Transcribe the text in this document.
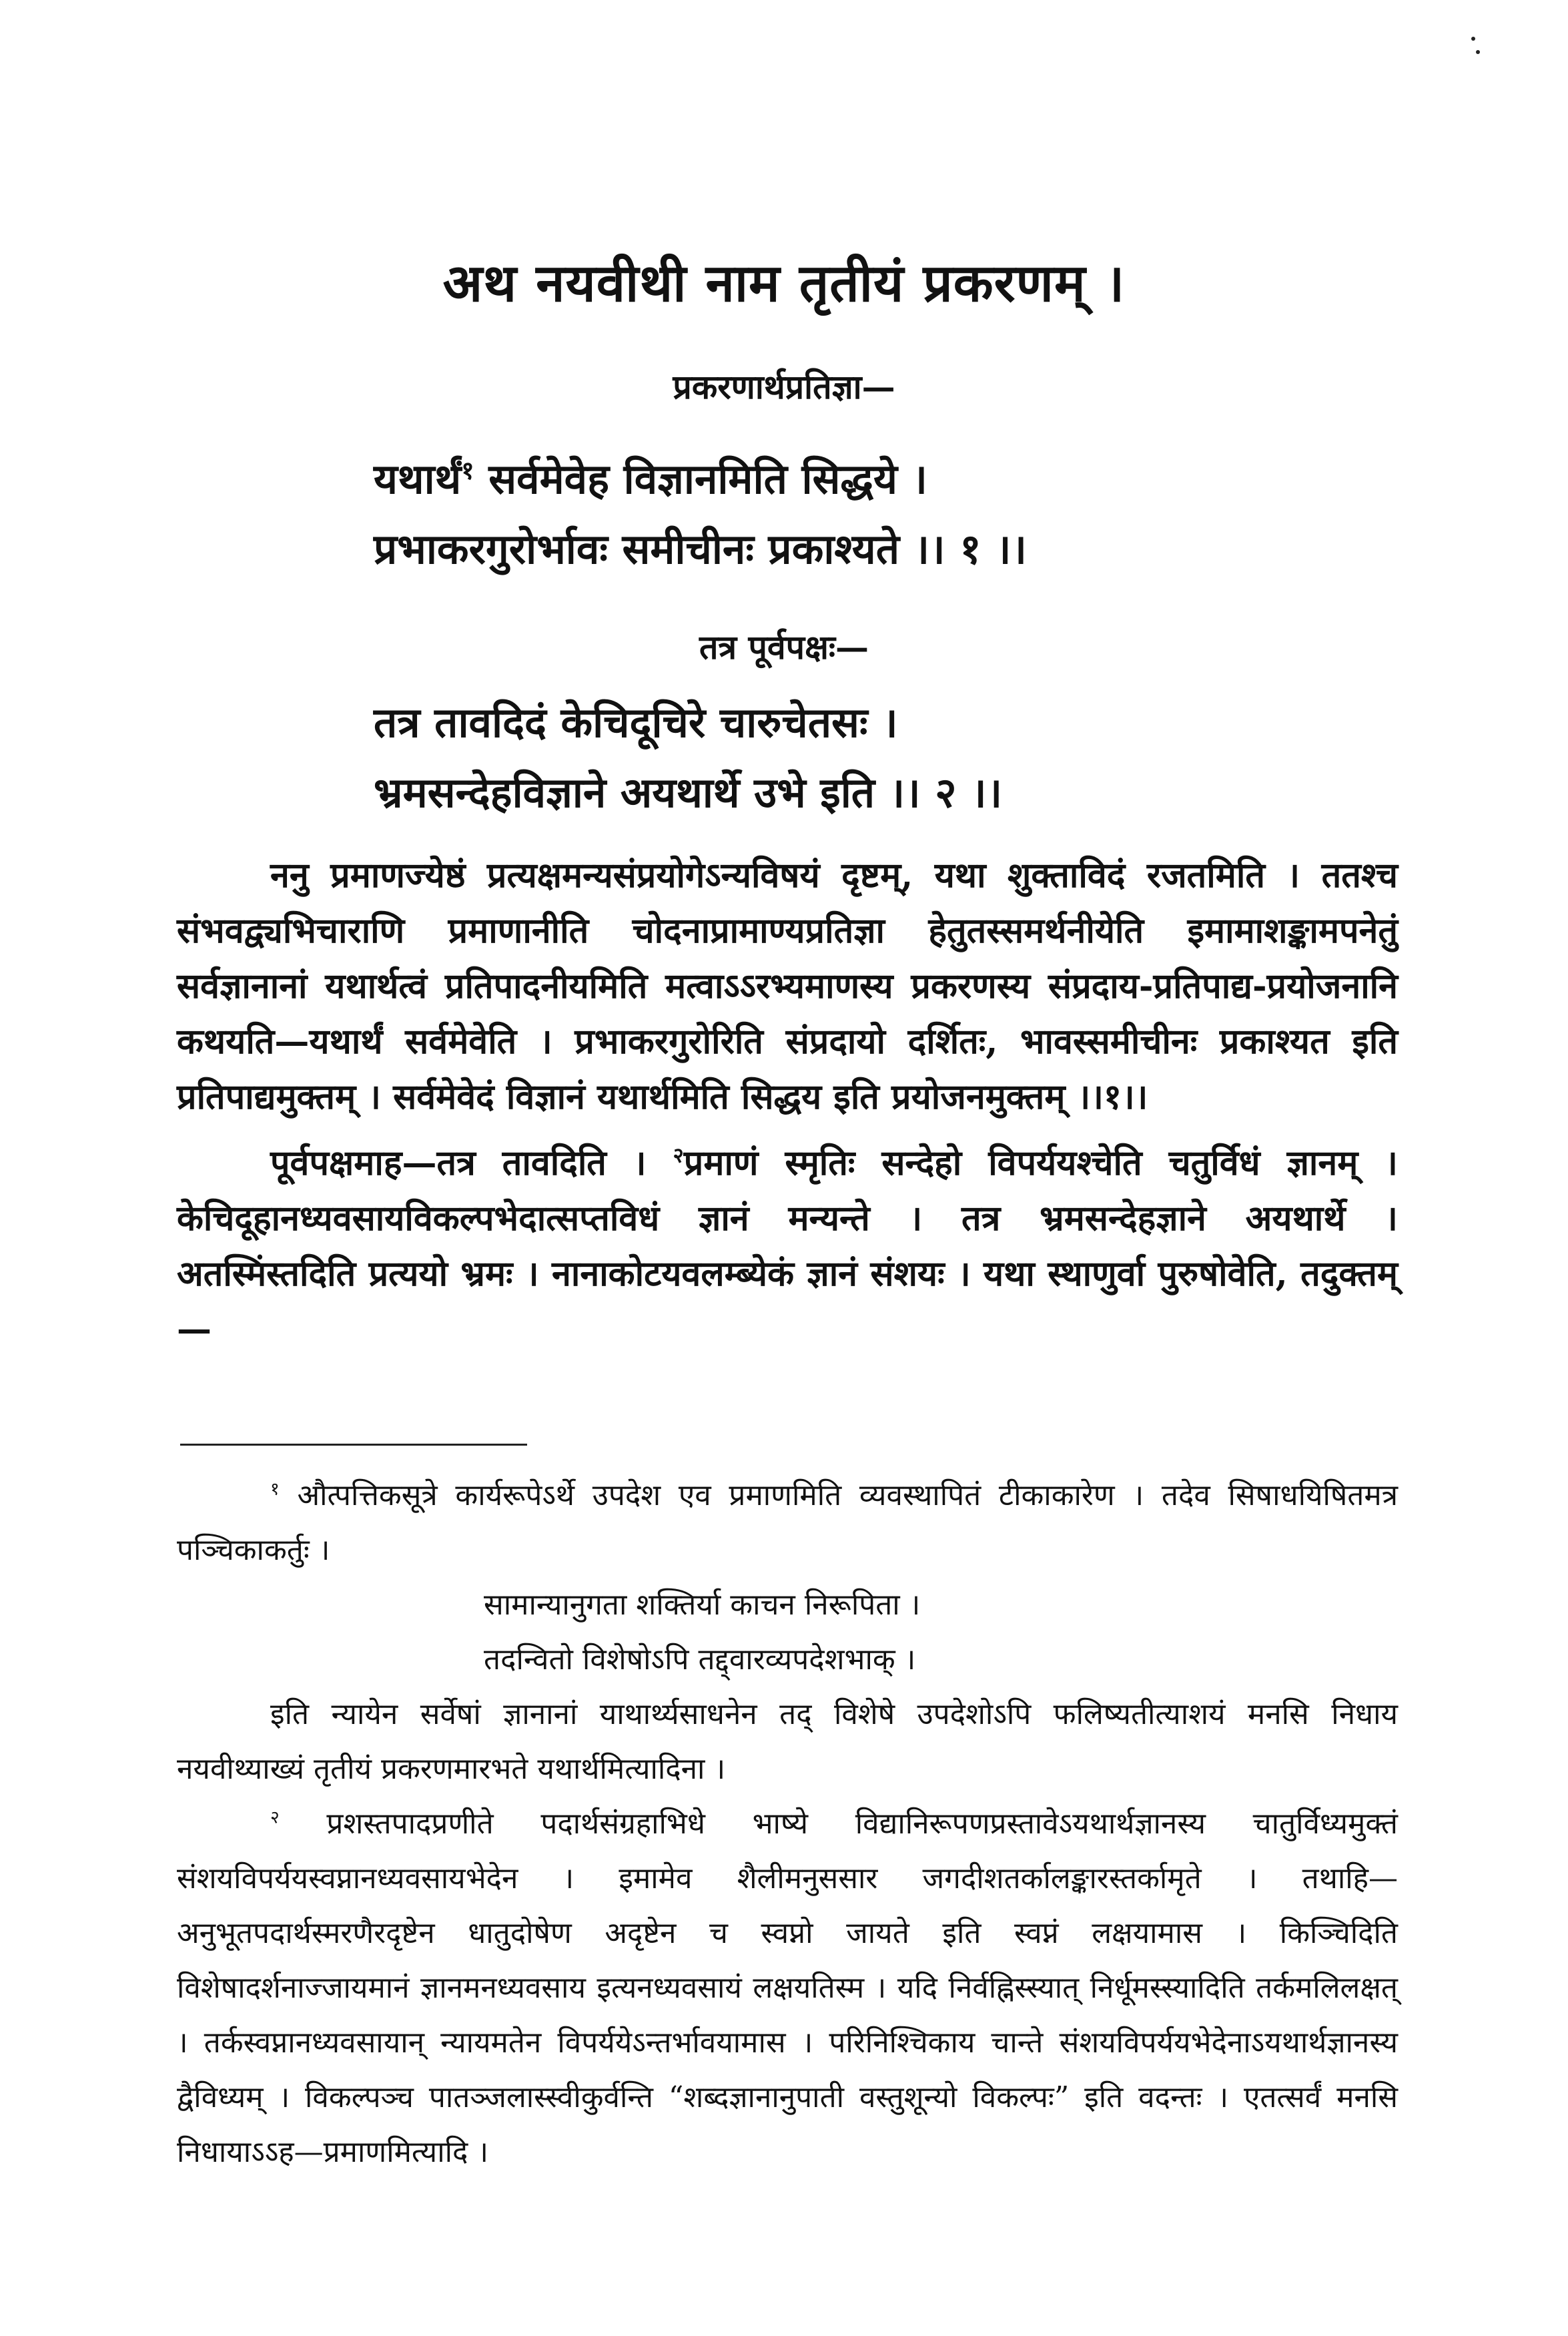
अथ नयवीथी नाम तृतीयं प्रकरणम् ।
प्रकरणार्थप्रतिज्ञा—
यथार्थं$^१$ सर्वमेवेह विज्ञानमिति सिद्धये ।
प्रभाकरगुरोर्भावः समीचीनः प्रकाश्यते ।। १ ।।
तत्र पूर्वपक्षः—
तत्र तावदिदं केचिदूचिरे चारुचेतसः ।
भ्रमसन्देहविज्ञाने अयथार्थे उभे इति ।। २ ।।

ननु प्रमाणज्येष्ठं प्रत्यक्षमन्यसंप्रयोगेऽन्यविषयं दृष्टम्, यथा शुक्ताविदं रजतमिति । ततश्च संभवद्व्यभिचाराणि प्रमाणानीति चोदनाप्रामाण्यप्रतिज्ञा हेतुतस्समर्थनीयेति इमामाशङ्कामपनेतुं सर्वज्ञानानां यथार्थत्वं प्रतिपादनीयमिति मत्वाऽऽरभ्यमाणस्य प्रकरणस्य संप्रदाय-प्रतिपाद्य-प्रयोजनानि कथयति—यथार्थं सर्वमेवेति । प्रभाकरगुरोरिति संप्रदायो दर्शितः, भावस्समीचीनः प्रकाश्यत इति प्रतिपाद्यमुक्तम् । सर्वमेवेदं विज्ञानं यथार्थमिति सिद्धय इति प्रयोजनमुक्तम् ।।१।।

पूर्वपक्षमाह—तत्र तावदिति । $^२$प्रमाणं स्मृतिः सन्देहो विपर्ययश्चेति चतुर्विधं ज्ञानम् । केचिदूहानध्यवसायविकल्पभेदात्सप्तविधं ज्ञानं मन्यन्ते । तत्र भ्रमसन्देहज्ञाने अयथार्थे । अतस्मिंस्तदिति प्रत्ययो भ्रमः । नानाकोटयवलम्ब्येकं ज्ञानं संशयः । यथा स्थाणुर्वा पुरुषोवेति, तदुक्तम्—

$^१$ औत्पत्तिकसूत्रे कार्यरूपेऽर्थे उपदेश एव प्रमाणमिति व्यवस्थापितं टीकाकारेण । तदेव सिषाधयिषितमत्र पञ्चिकाकर्तुः ।

सामान्यानुगता शक्तिर्या काचन निरूपिता ।

तदन्वितो विशेषोऽपि तद्द्वारव्यपदेशभाक् ।

इति न्यायेन सर्वेषां ज्ञानानां याथार्थ्यसाधनेन तद् विशेषे उपदेशोऽपि फलिष्यतीत्याशयं मनसि निधाय नयवीथ्याख्यं तृतीयं प्रकरणमारभते यथार्थमित्यादिना ।

$^२$ प्रशस्तपादप्रणीते पदार्थसंग्रहाभिधे भाष्ये विद्यानिरूपणप्रस्तावेऽयथार्थज्ञानस्य चातुर्विध्यमुक्तं संशयविपर्ययस्वप्नानध्यवसायभेदेन । इमामेव शैलीमनुससार जगदीशतर्कालङ्कारस्तर्कामृते । तथाहि—अनुभूतपदार्थस्मरणैरदृष्टेन धातुदोषेण अदृष्टेन च स्वप्नो जायते इति स्वप्नं लक्षयामास । किञ्चिदिति विशेषादर्शनाज्जायमानं ज्ञानमनध्यवसाय इत्यनध्यवसायं लक्षयतिस्म । यदि निर्वह्निस्स्यात् निर्धूमस्स्यादिति तर्कमलिलक्षत् । तर्कस्वप्नानध्यवसायान् न्यायमतेन विपर्ययेऽन्तर्भावयामास । परिनिश्चिकाय चान्ते संशयविपर्ययभेदेनाऽयथार्थज्ञानस्य द्वैविध्यम् । विकल्पञ्च पातञ्जलास्स्वीकुर्वन्ति “शब्दज्ञानानुपाती वस्तुशून्यो विकल्पः” इति वदन्तः । एतत्सर्वं मनसि निधायाऽऽह—प्रमाणमित्यादि ।
